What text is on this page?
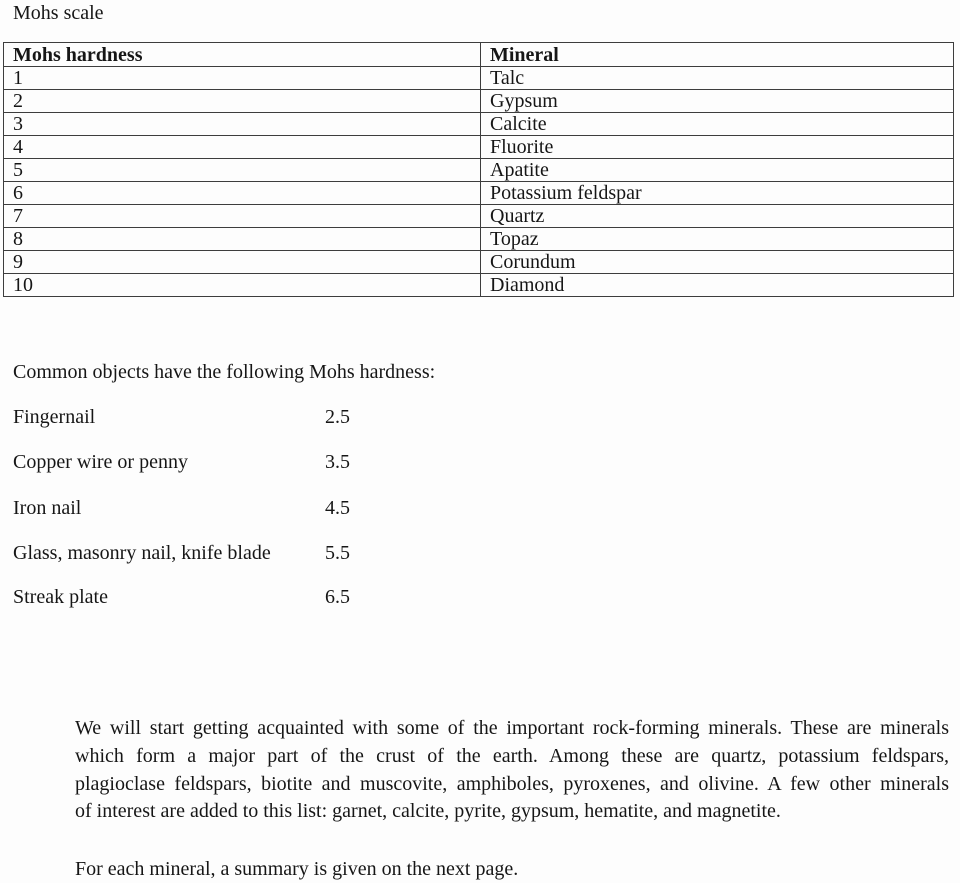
Mohs scale
Mohs hardness	Mineral
1	Talc
2	Gypsum
3	Calcite
4	Fluorite
5	Apatite
6	Potassium feldspar
7	Quartz
8	Topaz
9	Corundum
10	Diamond
Common objects have the following Mohs hardness:
Fingernail	2.5
Copper wire or penny	3.5
Iron nail	4.5
Glass, masonry nail, knife blade	5.5
Streak plate	6.5
We will start getting acquainted with some of the important rock-forming minerals. These are minerals
which form a major part of the crust of the earth. Among these are quartz, potassium feldspars,
plagioclase feldspars, biotite and muscovite, amphiboles, pyroxenes, and olivine. A few other minerals
of interest are added to this list: garnet, calcite, pyrite, gypsum, hematite, and magnetite.
For each mineral, a summary is given on the next page.
